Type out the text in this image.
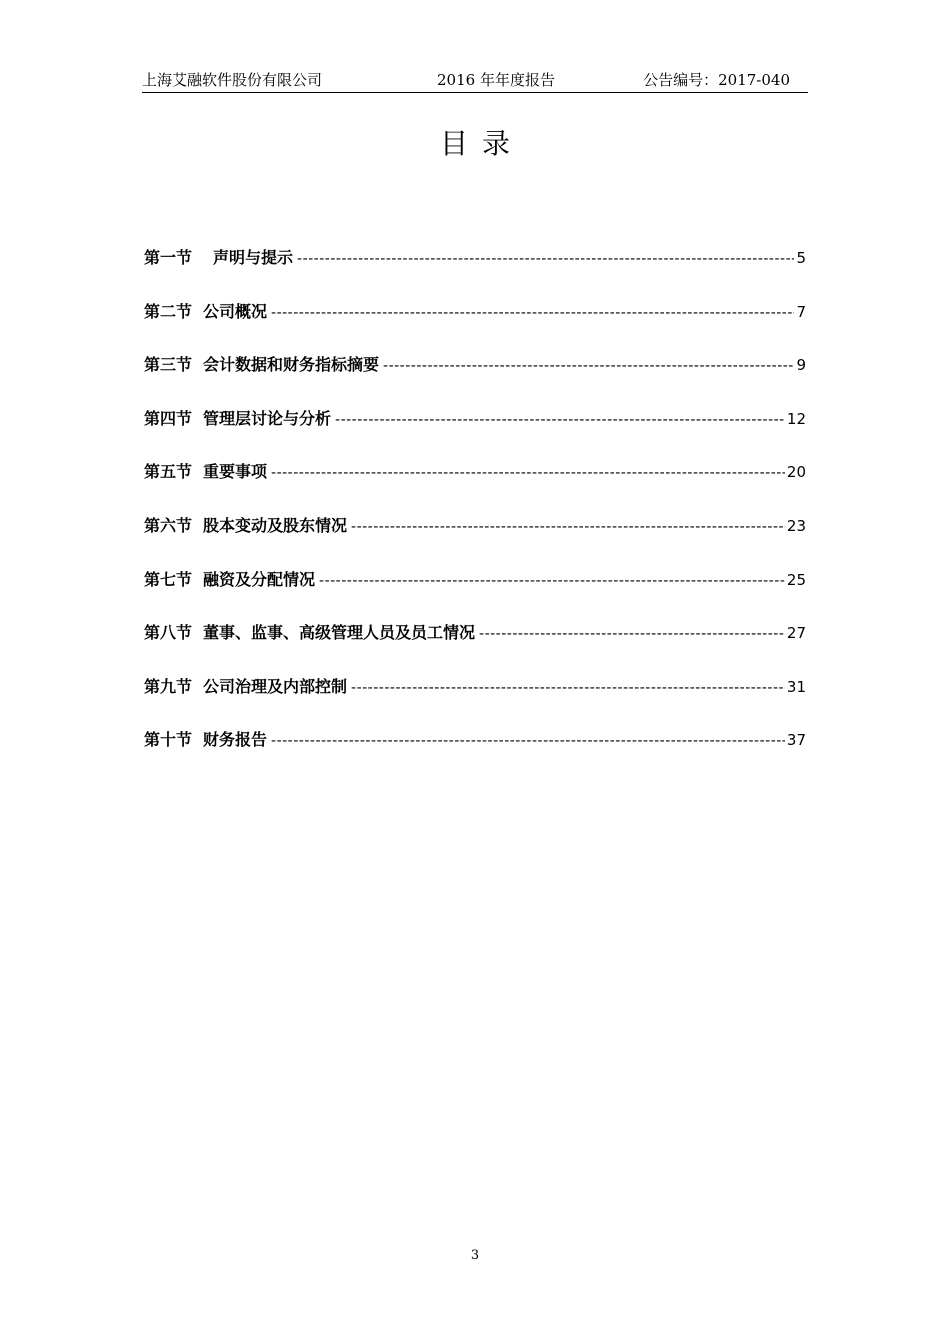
上海艾融软件股份有限公司	2016 年年度报告	公告编号：2017-040
目录
第一节 声明与提示 -----	5
第二节 公司概况 -----	7
第三节 会计数据和财务指标摘要 -----	9
第四节 管理层讨论与分析 -----	12
第五节 重要事项 -----	20
第六节 股本变动及股东情况 -----	23
第七节 融资及分配情况 -----	25
第八节 董事、监事、高级管理人员及员工情况 -----	27
第九节 公司治理及内部控制 -----	31
第十节 财务报告 -----	37
3
